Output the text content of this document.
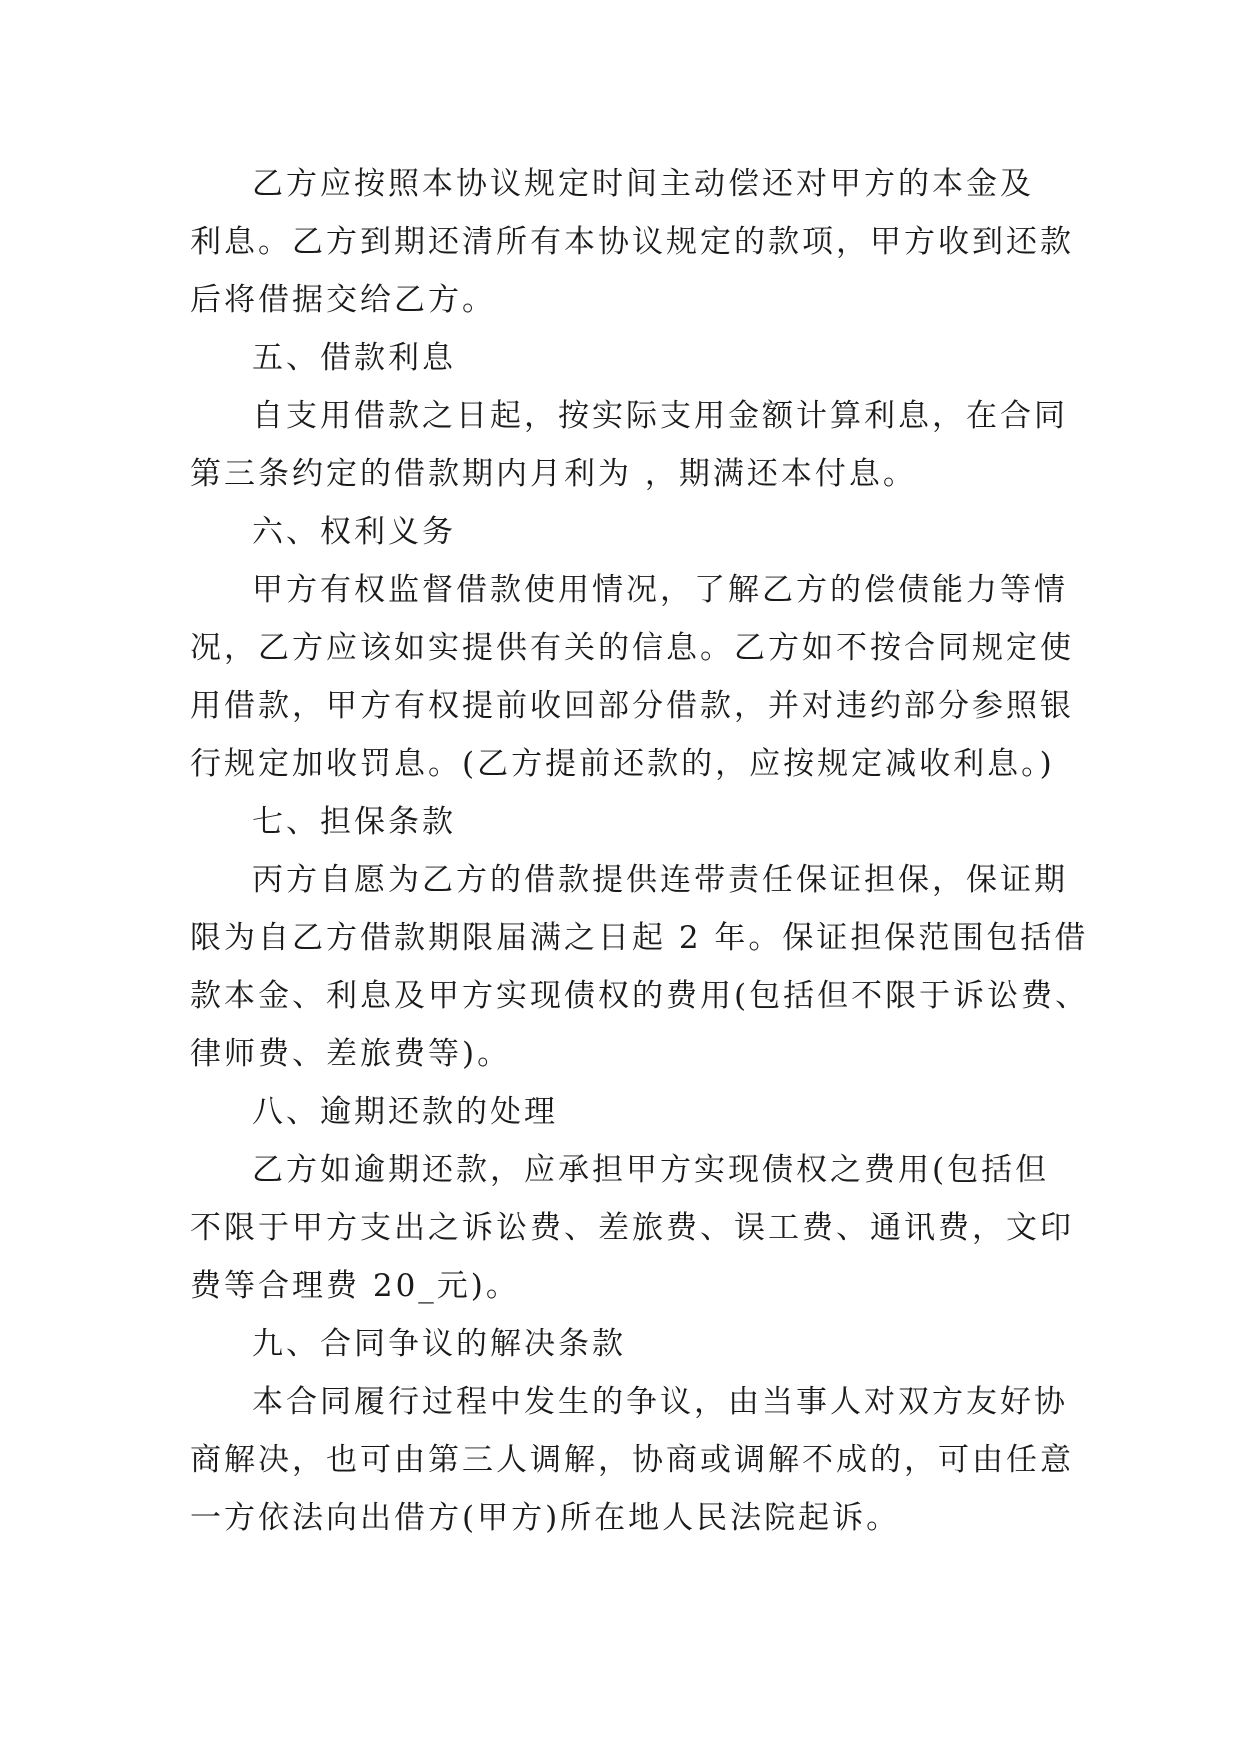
乙方应按照本协议规定时间主动偿还对甲方的本金及
利息。乙方到期还清所有本协议规定的款项，甲方收到还款
后将借据交给乙方。
五、借款利息
自支用借款之日起，按实际支用金额计算利息，在合同
第三条约定的借款期内月利为 ，期满还本付息。
六、权利义务
甲方有权监督借款使用情况，了解乙方的偿债能力等情
况，乙方应该如实提供有关的信息。乙方如不按合同规定使
用借款，甲方有权提前收回部分借款，并对违约部分参照银
行规定加收罚息。(乙方提前还款的，应按规定减收利息。)
七、担保条款
丙方自愿为乙方的借款提供连带责任保证担保，保证期
限为自乙方借款期限届满之日起 2 年。保证担保范围包括借
款本金、利息及甲方实现债权的费用(包括但不限于诉讼费、
律师费、差旅费等)。
八、逾期还款的处理
乙方如逾期还款，应承担甲方实现债权之费用(包括但
不限于甲方支出之诉讼费、差旅费、误工费、通讯费，文印
费等合理费 20_元)。
九、合同争议的解决条款
本合同履行过程中发生的争议，由当事人对双方友好协
商解决，也可由第三人调解，协商或调解不成的，可由任意
一方依法向出借方(甲方)所在地人民法院起诉。
